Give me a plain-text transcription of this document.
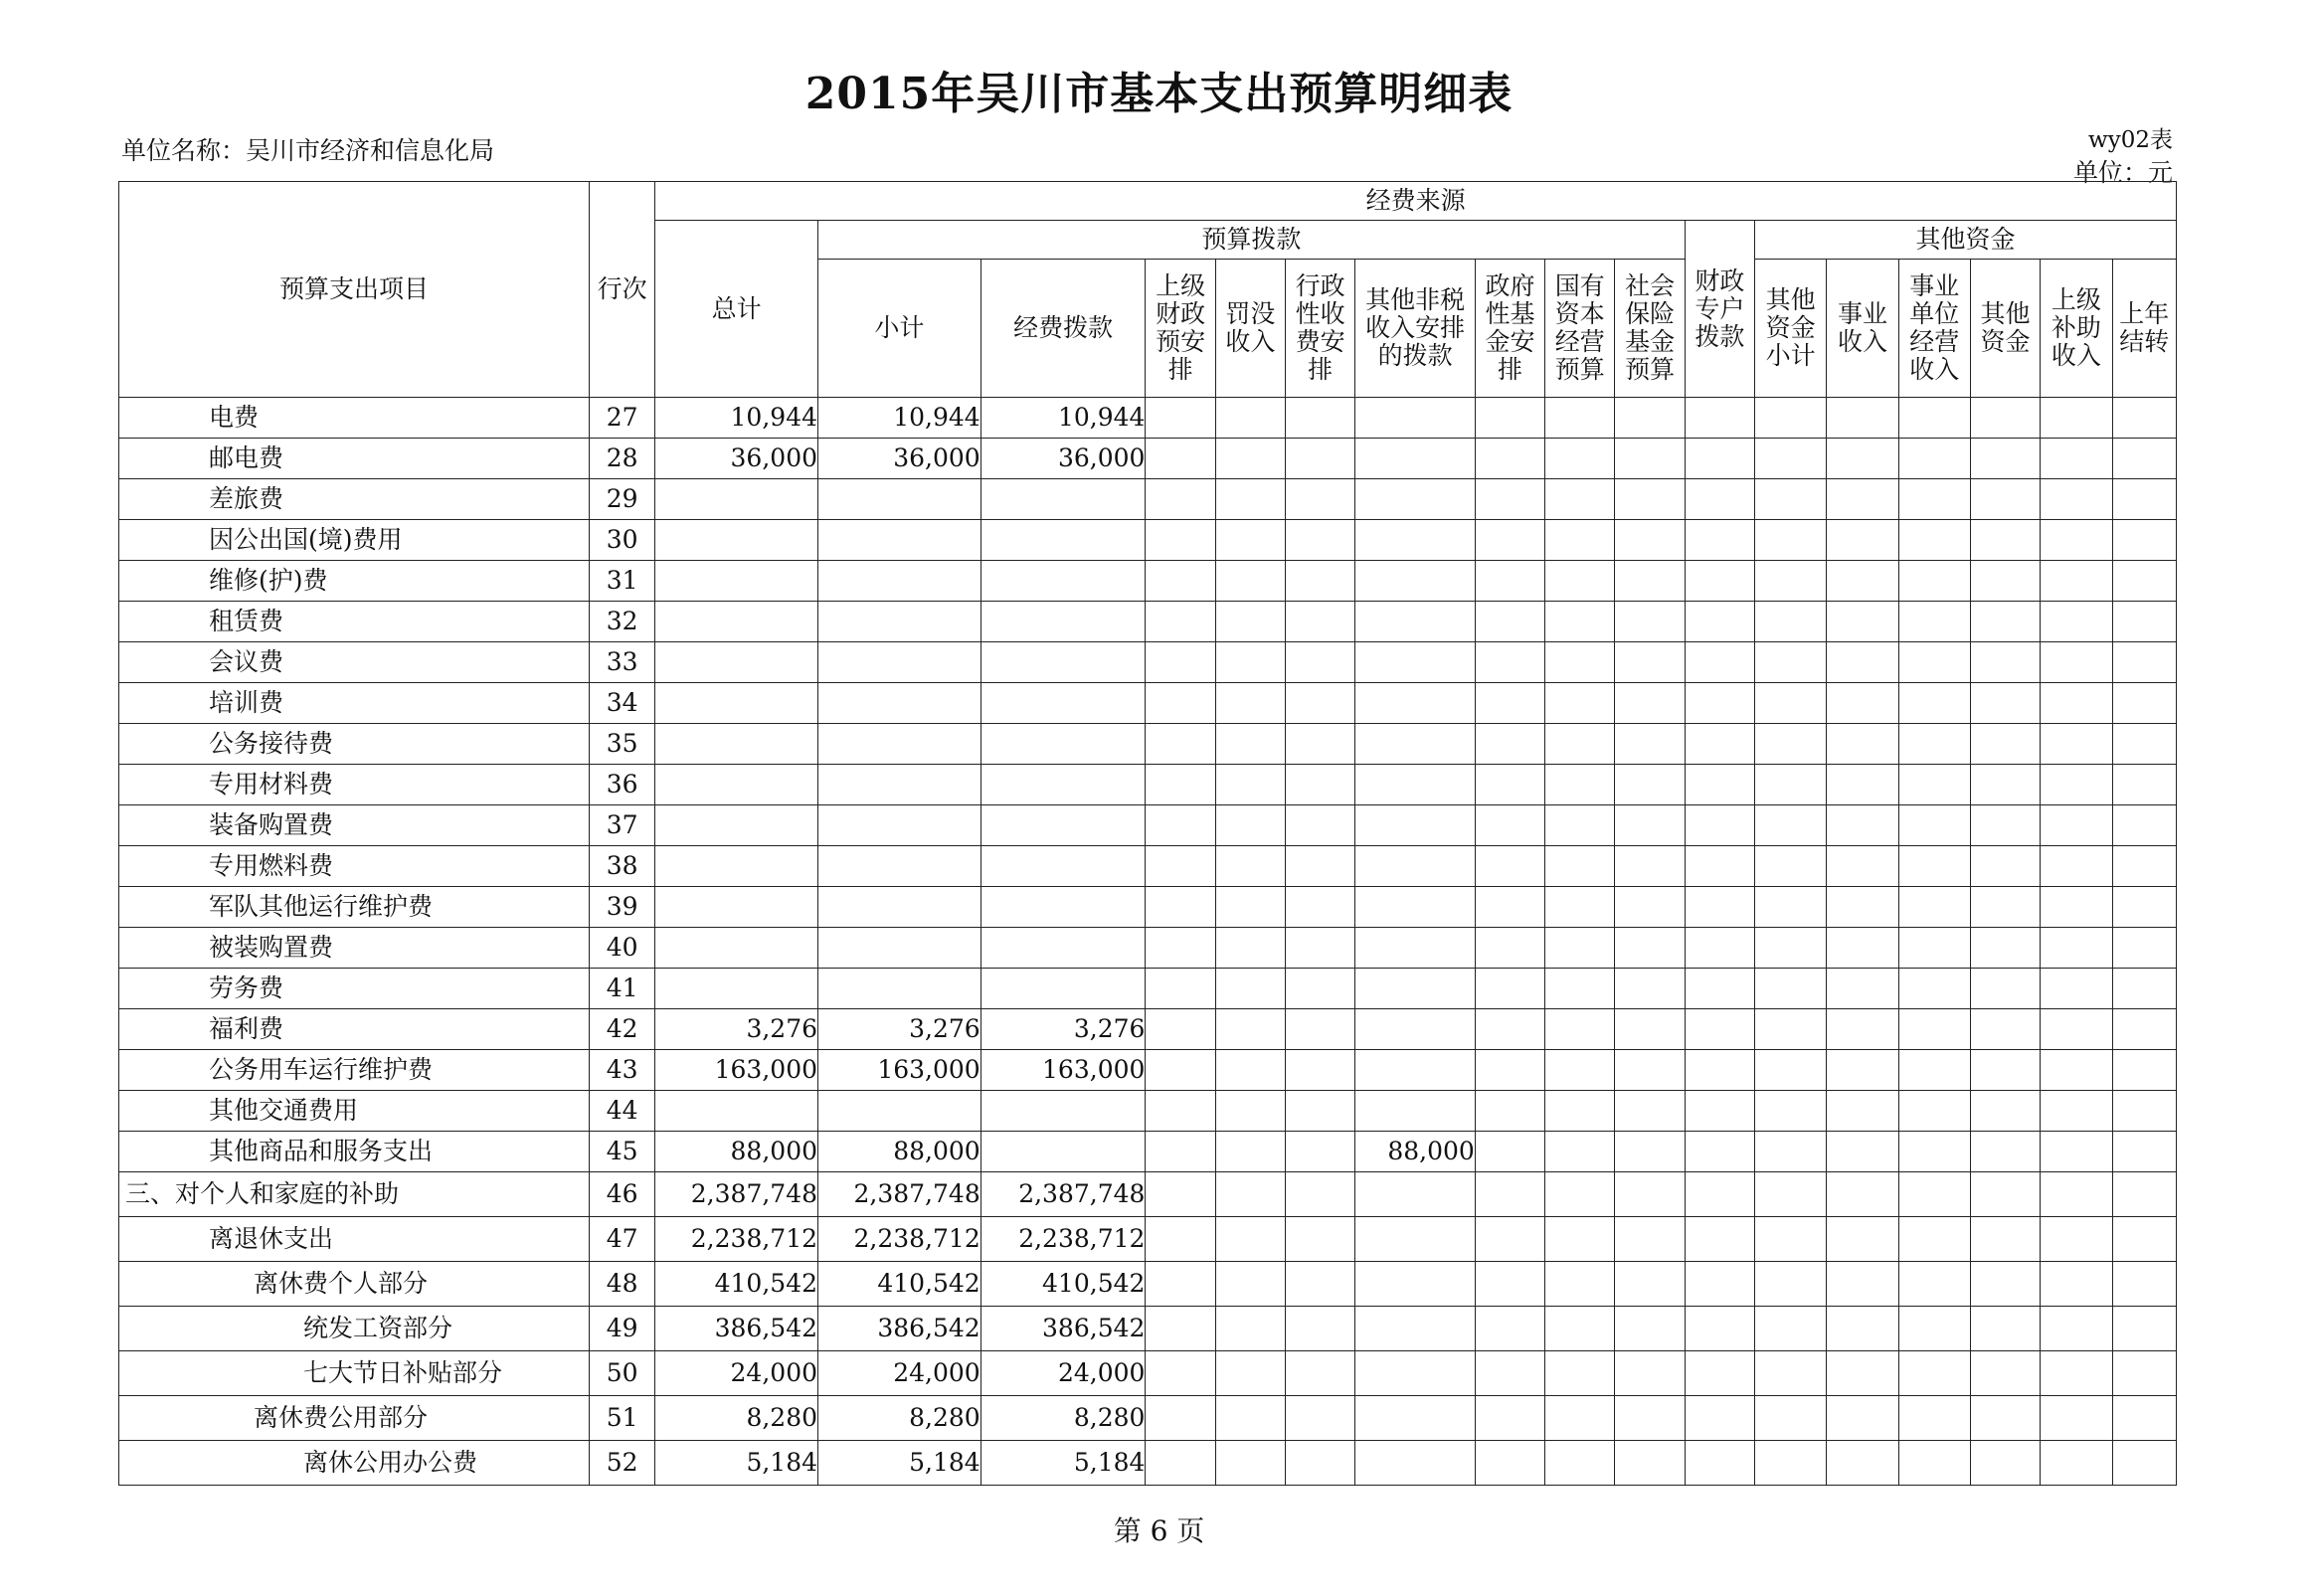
2015年吴川市基本支出预算明细表
单位名称：吴川市经济和信息化局	wy02表
单位：元
预算支出项目	行次	经费来源																
		总计	预算拨款									财政专户拨款	其他资金					
			小计	经费拨款	上级财政预安排	罚没收入	行政性收费安排	其他非税收入安排的拨款	政府性基金安排	国有资本经营预算	社会保险基金预算		其他资金小计	事业收入	事业单位经营收入	其他资金	上级补助收入	上年结转
电费	27	10,944	10,944	10,944														
邮电费	28	36,000	36,000	36,000														
差旅费	29																	
因公出国(境)费用	30																	
维修(护)费	31																	
租赁费	32																	
会议费	33																	
培训费	34																	
公务接待费	35																	
专用材料费	36																	
装备购置费	37																	
专用燃料费	38																	
军队其他运行维护费	39																	
被装购置费	40																	
劳务费	41																	
福利费	42	3,276	3,276	3,276														
公务用车运行维护费	43	163,000	163,000	163,000														
其他交通费用	44																	
其他商品和服务支出	45	88,000	88,000					88,000										
三、对个人和家庭的补助	46	2,387,748	2,387,748	2,387,748														
离退休支出	47	2,238,712	2,238,712	2,238,712														
离休费个人部分	48	410,542	410,542	410,542														
统发工资部分	49	386,542	386,542	386,542														
七大节日补贴部分	50	24,000	24,000	24,000														
离休费公用部分	51	8,280	8,280	8,280														
离休公用办公费	52	5,184	5,184	5,184														
第 6 页
